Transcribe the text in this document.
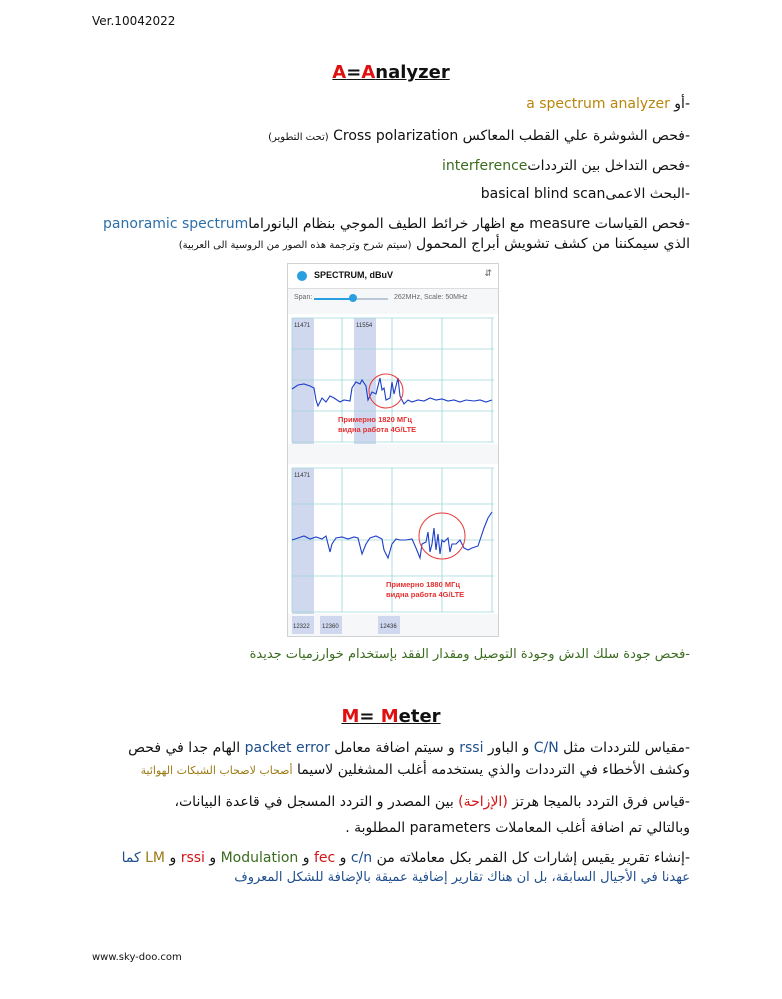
Ver.10042022
A=Analyzer
-أو a spectrum analyzer
-فحص الشوشرة علي القطب المعاكس Cross polarization (تحت التطوير)
-فحص التداخل بين التردداتinterference
-البحث الاعمىbasical blind scan
-فحص القياسات measure مع اظهار خرائط الطيف الموجي بنظام البانوراماpanoramic spectrum
الذي سيمكننا من كشف تشويش أبراج المحمول (سيتم شرح وترجمة هذه الصور من الروسية الى العربية)
SPECTRUM, dBuV	⇵
Span:	262MHz, Scale: 50MHz
11471	11554
Примерно 1820 МГц
видна работа 4G/LTE
11471
Примерно 1880 МГц
видна работа 4G/LTE
12322 12360	12436
-فحص جودة سلك الدش وجودة التوصيل ومقدار الفقد بإستخدام خوارزميات جديدة
M= Meter
-مقياس للترددات مثل C/N و الباور rssi و سيتم اضافة معامل packet error الهام جدا في فحص
وكشف الأخطاء في الترددات والذي يستخدمه أغلب المشغلين لاسيما أصحاب لاصحاب الشبكات الهوائية
-قياس فرق التردد بالميجا هرتز (الإزاحة) بين المصدر و التردد المسجل في قاعدة البيانات،
وبالتالي تم اضافة أغلب المعاملات parameters المطلوبة .
-إنشاء تقرير يقيس إشارات كل القمر بكل معاملاته من c/n و fec و Modulation و rssi و LM كما
عهدنا في الأجيال السابقة، بل ان هناك تقارير إضافية عميقة بالإضافة للشكل المعروف
www.sky-doo.com
